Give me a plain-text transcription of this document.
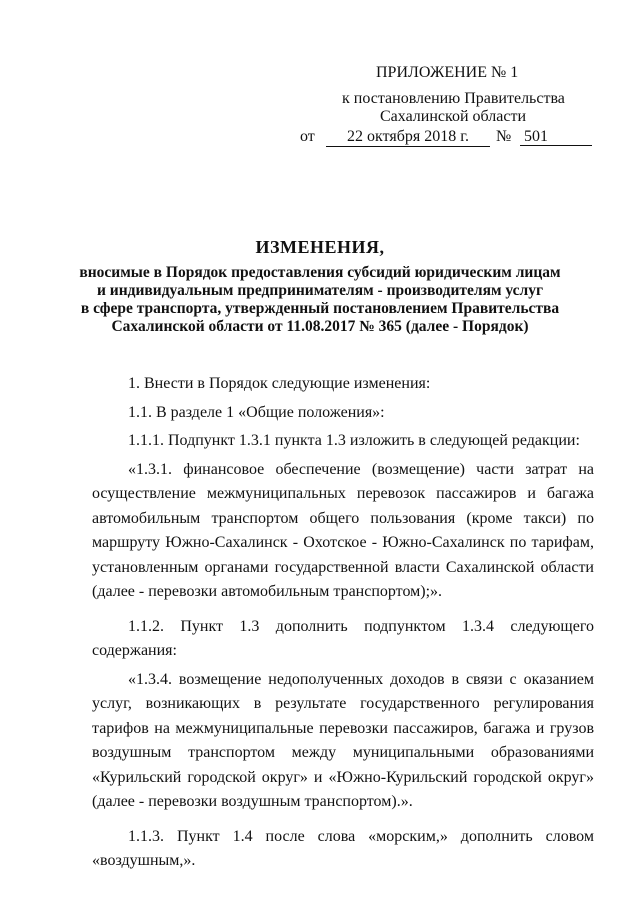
ПРИЛОЖЕНИЕ № 1
к постановлению Правительства
Сахалинской области
от	22 октября 2018 г.	№ 501
ИЗМЕНЕНИЯ,
вносимые в Порядок предоставления субсидий юридическим лицам
и индивидуальным предпринимателям - производителям услуг
в сфере транспорта, утвержденный постановлением Правительства
Сахалинской области от 11.08.2017 № 365 (далее - Порядок)

1. Внести в Порядок следующие изменения:

1.1. В разделе 1 «Общие положения»:

1.1.1. Подпункт 1.3.1 пункта 1.3 изложить в следующей редакции:

«1.3.1. финансовое обеспечение (возмещение) части затрат на осуществление межмуниципальных перевозок пассажиров и багажа автомобильным транспортом общего пользования (кроме такси) по маршруту Южно-Сахалинск - Охотское - Южно-Сахалинск по тарифам, установленным органами государственной власти Сахалинской области (далее - перевозки автомобильным транспортом);».

1.1.2. Пункт 1.3 дополнить подпунктом 1.3.4 следующего содержания:

«1.3.4. возмещение недополученных доходов в связи с оказанием услуг, возникающих в результате государственного регулирования тарифов на межмуниципальные перевозки пассажиров, багажа и грузов воздушным транспортом между муниципальными образованиями «Курильский городской округ» и «Южно-Курильский городской округ» (далее - перевозки воздушным транспортом).».

1.1.3. Пункт 1.4 после слова «морским,» дополнить словом «воздушным,».
